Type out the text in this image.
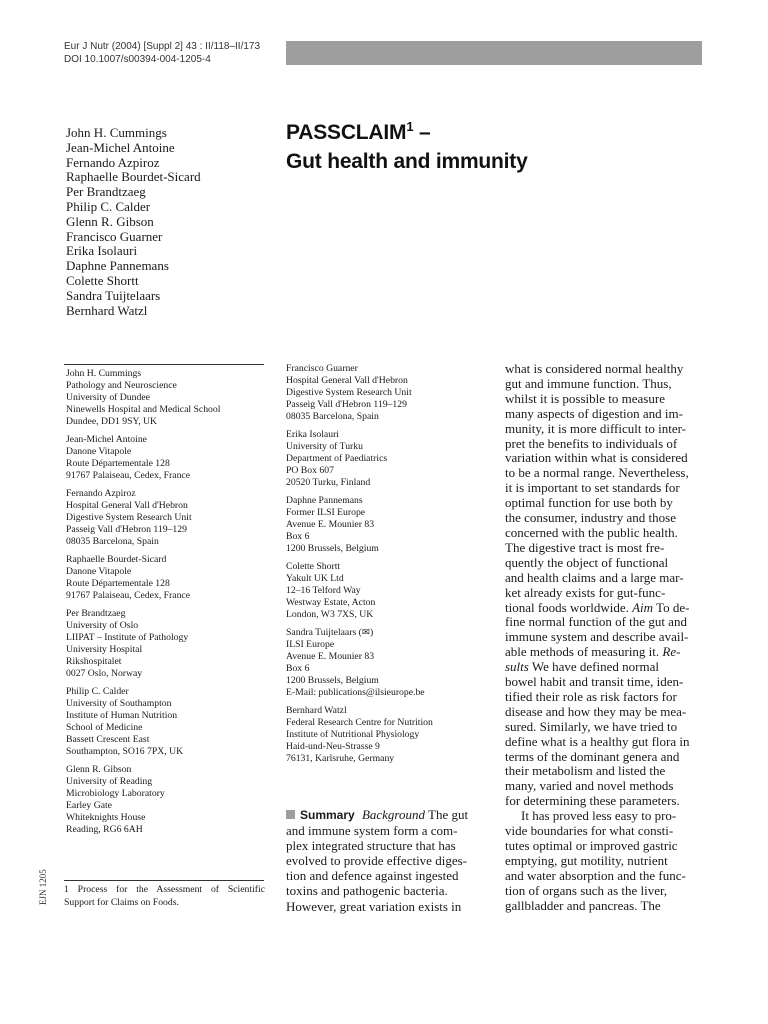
Eur J Nutr (2004) [Suppl 2] 43 : II/118–II/173
DOI 10.1007/s00394-004-1205-4
PASSCLAIM$^1$ –
Gut health and immunity
John H. Cummings
Jean-Michel Antoine
Fernando Azpiroz
Raphaelle Bourdet-Sicard
Per Brandtzaeg
Philip C. Calder
Glenn R. Gibson
Francisco Guarner
Erika Isolauri
Daphne Pannemans
Colette Shortt
Sandra Tuijtelaars
Bernhard Watzl
John H. Cummings
Pathology and Neuroscience
University of Dundee
Ninewells Hospital and Medical School
Dundee, DD1 9SY, UK
Jean-Michel Antoine
Danone Vitapole
Route Départementale 128
91767 Palaiseau, Cedex, France
Fernando Azpiroz
Hospital General Vall d'Hebron
Digestive System Research Unit
Passeig Vall d'Hebron 119–129
08035 Barcelona, Spain
Raphaelle Bourdet-Sicard
Danone Vitapole
Route Départementale 128
91767 Palaiseau, Cedex, France
Per Brandtzaeg
University of Oslo
LIIPAT – Institute of Pathology
University Hospital
Rikshospitalet
0027 Oslo, Norway
Philip C. Calder
University of Southampton
Institute of Human Nutrition
School of Medicine
Bassett Crescent East
Southampton, SO16 7PX, UK
Glenn R. Gibson
University of Reading
Microbiology Laboratory
Earley Gate
Whiteknights House
Reading, RG6 6AH
Francisco Guarner
Hospital General Vall d'Hebron
Digestive System Research Unit
Passeig Vall d'Hebron 119–129
08035 Barcelona, Spain
Erika Isolauri
University of Turku
Department of Paediatrics
PO Box 607
20520 Turku, Finland
Daphne Pannemans
Former ILSI Europe
Avenue E. Mounier 83
Box 6
1200 Brussels, Belgium
Colette Shortt
Yakult UK Ltd
12–16 Telford Way
Westway Estate, Acton
London, W3 7XS, UK
Sandra Tuijtelaars (✉)
ILSI Europe
Avenue E. Mounier 83
Box 6
1200 Brussels, Belgium
E-Mail: publications@ilsieurope.be
Bernhard Watzl
Federal Research Centre for Nutrition
Institute of Nutritional Physiology
Haid-und-Neu-Strasse 9
76131, Karlsruhe, Germany
1 Process for the Assessment of Scientific
Support for Claims on Foods.
EJN 1205
Summary Background The gut
and immune system form a com-
plex integrated structure that has
evolved to provide effective diges-
tion and defence against ingested
toxins and pathogenic bacteria.
However, great variation exists in
what is considered normal healthy
gut and immune function. Thus,
whilst it is possible to measure
many aspects of digestion and im-
munity, it is more difficult to inter-
pret the benefits to individuals of
variation within what is considered
to be a normal range. Nevertheless,
it is important to set standards for
optimal function for use both by
the consumer, industry and those
concerned with the public health.
The digestive tract is most fre-
quently the object of functional
and health claims and a large mar-
ket already exists for gut-func-
tional foods worldwide. Aim To de-
fine normal function of the gut and
immune system and describe avail-
able methods of measuring it. Re-
sults We have defined normal
bowel habit and transit time, iden-
tified their role as risk factors for
disease and how they may be mea-
sured. Similarly, we have tried to
define what is a healthy gut flora in
terms of the dominant genera and
their metabolism and listed the
many, varied and novel methods
for determining these parameters.
It has proved less easy to pro-
vide boundaries for what consti-
tutes optimal or improved gastric
emptying, gut motility, nutrient
and water absorption and the func-
tion of organs such as the liver,
gallbladder and pancreas. The
